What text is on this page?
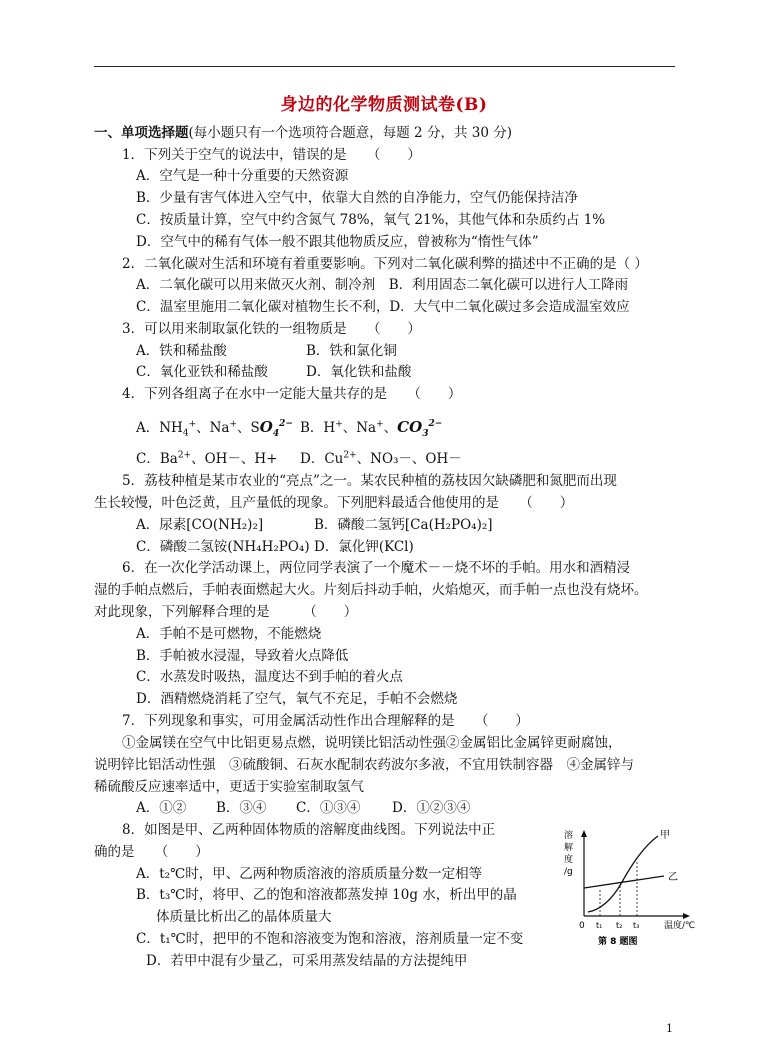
身边的化学物质测试卷(B)
一、单项选择题(每小题只有一个选项符合题意，每题 2 分，共 30 分)
1．下列关于空气的说法中，错误的是　　（　　）
A．空气是一种十分重要的天然资源
B．少量有害气体进入空气中，依靠大自然的自净能力，空气仍能保持洁净
C．按质量计算，空气中约含氮气 78%，氧气 21%，其他气体和杂质约占 1%
D．空气中的稀有气体一般不跟其他物质反应，曾被称为“惰性气体”
2．二氧化碳对生活和环境有着重要影响。下列对二氧化碳利弊的描述中不正确的是（ ）
A．二氧化碳可以用来做灭火剂、制冷剂　B．利用固态二氧化碳可以进行人工降雨
C．温室里施用二氧化碳对植物生长不利，D．大气中二氧化碳过多会造成温室效应
3．可以用来制取氯化铁的一组物质是　　（　　）
A．铁和稀盐酸	B．铁和氯化铜
C．氧化亚铁和稀盐酸	D．氧化铁和盐酸
4．下列各组离子在水中一定能大量共存的是　　（　　）
A．$NH_4^+$、Na+、$SO_4^{2-}$ B．H+、Na+、$CO_3^{2-}$
C．$Ba^{2+}$、OH－、H+ D．$Cu^{2+}$、NO₃－、OH－
5．荔枝种植是某市农业的“亮点”之一。某农民种植的荔枝因欠缺磷肥和氮肥而出现
生长较慢，叶色泛黄，且产量低的现象。下列肥料最适合他使用的是　　（　　）
A．尿素[CO(NH₂)₂]	B．磷酸二氢钙[Ca(H₂PO₄)₂]
C．磷酸二氢铵(NH₄H₂PO₄) D．氯化钾(KCl)
6．在一次化学活动课上，两位同学表演了一个魔术－－烧不坏的手帕。用水和酒精浸
湿的手帕点燃后，手帕表面燃起大火。片刻后抖动手帕，火焰熄灭，而手帕一点也没有烧坏。
对此现象，下列解释合理的是　　　（　　）
A．手帕不是可燃物，不能燃烧
B．手帕被水浸湿，导致着火点降低
C．水蒸发时吸热，温度达不到手帕的着火点
D．酒精燃烧消耗了空气，氧气不充足，手帕不会燃烧
7．下列现象和事实，可用金属活动性作出合理解释的是　　（　　）
①金属镁在空气中比铝更易点燃，说明镁比铝活动性强②金属铝比金属锌更耐腐蚀，
说明锌比铝活动性强　③硫酸铜、石灰水配制农药波尔多液，不宜用铁制容器　④金属锌与
稀硫酸反应速率适中，更适于实验室制取氢气
A．①② B．③④ C．①③④ D．①②③④
8．如图是甲、乙两种固体物质的溶解度曲线图。下列说法中正
确的是　　（　　）
A．t₂℃时，甲、乙两种物质溶液的溶质质量分数一定相等
B．t₃℃时，将甲、乙的饱和溶液都蒸发掉 10g 水，析出甲的晶
体质量比析出乙的晶体质量大
C．t₁℃时，把甲的不饱和溶液变为饱和溶液，溶剂质量一定不变
D．若甲中混有少量乙，可采用蒸发结晶的方法提纯甲
溶
解
度
/g
甲
乙
0 t₁ t₂ t₃	温度/℃
第 8 题图
1
